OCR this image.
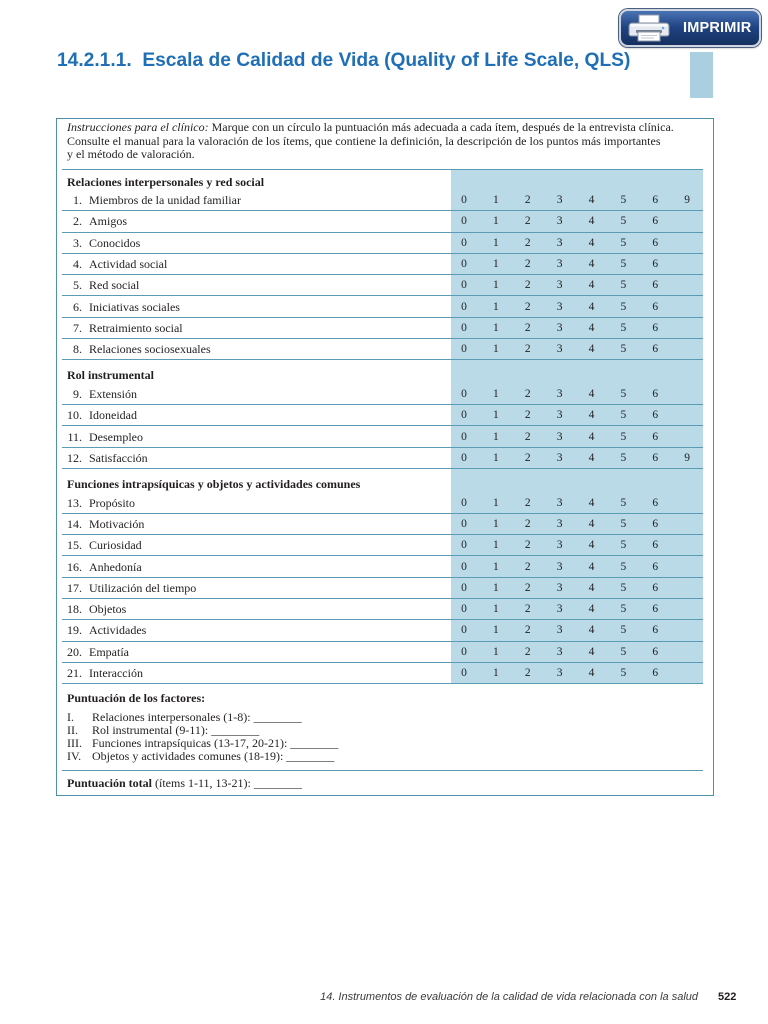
IMPRIMIR
14.2.1.1.  Escala de Calidad de Vida (Quality of Life Scale, QLS)
Instrucciones para el clínico: Marque con un círculo la puntuación más adecuada a cada ítem, después de la entrevista clínica.
Consulte el manual para la valoración de los ítems, que contiene la definición, la descripción de los puntos más importantes
y el método de valoración.
Relaciones interpersonales y red social
1. Miembros de la unidad familiar	0	1	2	3	4	5	6	9
2. Amigos	0	1	2	3	4	5	6
3. Conocidos	0	1	2	3	4	5	6
4. Actividad social	0	1	2	3	4	5	6
5. Red social	0	1	2	3	4	5	6
6. Iniciativas sociales	0	1	2	3	4	5	6
7. Retraimiento social	0	1	2	3	4	5	6
8. Relaciones sociosexuales	0	1	2	3	4	5	6
Rol instrumental
9. Extensión	0	1	2	3	4	5	6
10. Idoneidad	0	1	2	3	4	5	6
11. Desempleo	0	1	2	3	4	5	6
12. Satisfacción	0	1	2	3	4	5	6	9
Funciones intrapsíquicas y objetos y actividades comunes
13. Propósito	0	1	2	3	4	5	6
14. Motivación	0	1	2	3	4	5	6
15. Curiosidad	0	1	2	3	4	5	6
16. Anhedonía	0	1	2	3	4	5	6
17. Utilización del tiempo	0	1	2	3	4	5	6
18. Objetos	0	1	2	3	4	5	6
19. Actividades	0	1	2	3	4	5	6
20. Empatía	0	1	2	3	4	5	6
21. Interacción	0	1	2	3	4	5	6
Puntuación de los factores:
I.	Relaciones interpersonales (1-8): ________
II.	Rol instrumental (9-11): ________
III. Funciones intrapsíquicas (13-17, 20-21): ________
IV. Objetos y actividades comunes (18-19): ________
Puntuación total (ítems 1-11, 13-21): ________
14. Instrumentos de evaluación de la calidad de vida relacionada con la salud 522
